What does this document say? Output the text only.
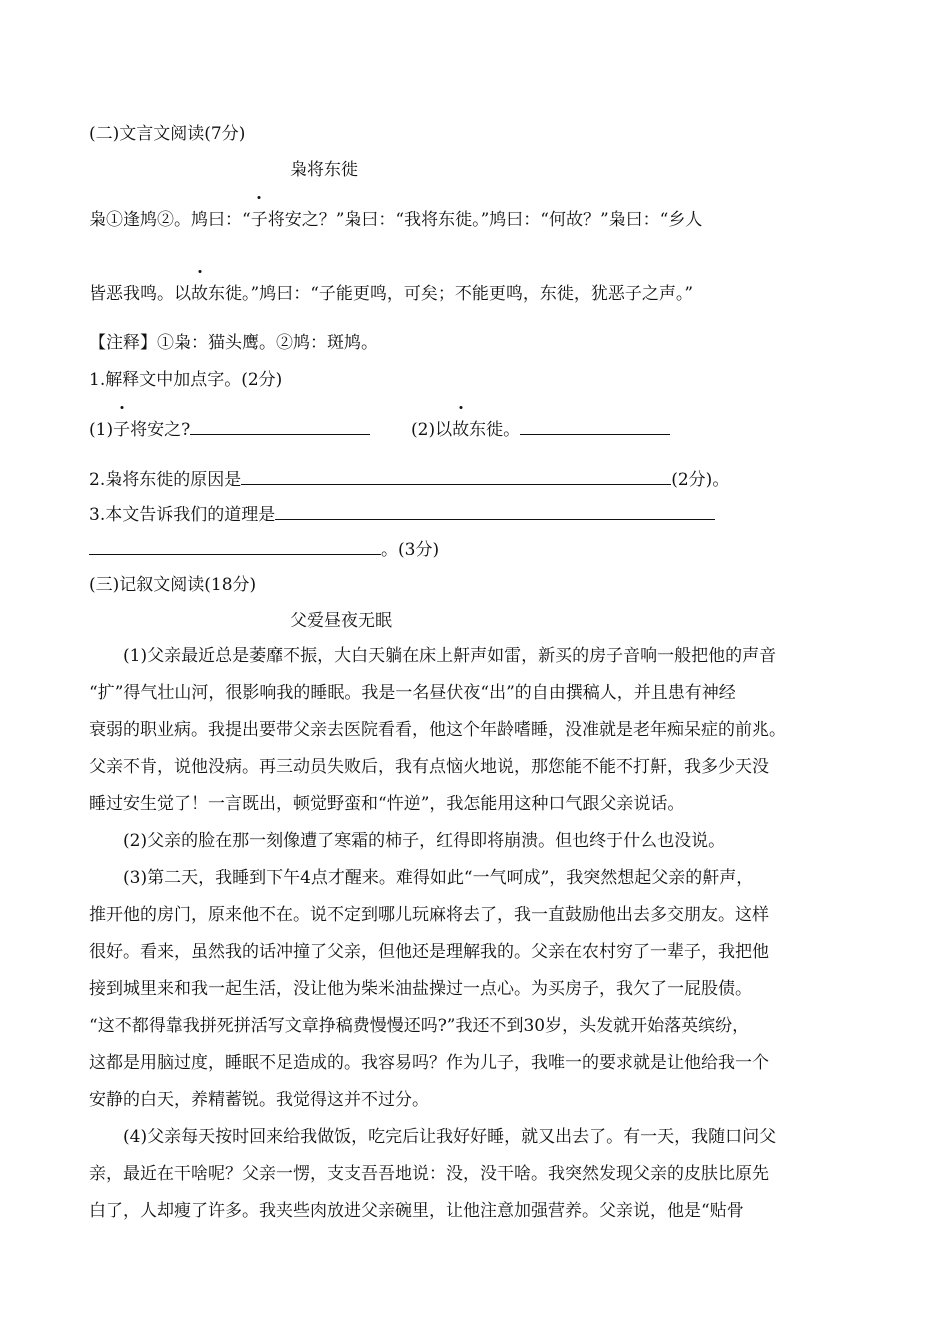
(二)文言文阅读(7分)
枭将东徙
枭①逢鸠②。鸠曰：“子将安之？”枭曰：“我将东徙。”鸠曰：“何故？”枭曰：“乡人
皆恶我鸣。以故东徙。”鸠曰：“子能更鸣，可矣；不能更鸣，东徙，犹恶子之声。”
【注释】①枭：猫头鹰。②鸠：斑鸠。
1.解释文中加点字。(2分)
(1)子将安之?	(2)以故东徙。
2.枭将东徙的原因是	(2分)。
3.本文告诉我们的道理是
。(3分)
(三)记叙文阅读(18分)
父爱昼夜无眠
(1)父亲最近总是萎靡不振，大白天躺在床上鼾声如雷，新买的房子音响一般把他的声音
“扩”得气壮山河，很影响我的睡眠。我是一名昼伏夜“出”的自由撰稿人，并且患有神经
衰弱的职业病。我提出要带父亲去医院看看，他这个年龄嗜睡，没准就是老年痴呆症的前兆。
父亲不肯，说他没病。再三动员失败后，我有点恼火地说，那您能不能不打鼾，我多少天没
睡过安生觉了！一言既出，顿觉野蛮和“忤逆”，我怎能用这种口气跟父亲说话。
(2)父亲的脸在那一刻像遭了寒霜的柿子，红得即将崩溃。但也终于什么也没说。
(3)第二天，我睡到下午4点才醒来。难得如此“一气呵成”，我突然想起父亲的鼾声，
推开他的房门，原来他不在。说不定到哪儿玩麻将去了，我一直鼓励他出去多交朋友。这样
很好。看来，虽然我的话冲撞了父亲，但他还是理解我的。父亲在农村穷了一辈子，我把他
接到城里来和我一起生活，没让他为柴米油盐操过一点心。为买房子，我欠了一屁股债。
“这不都得靠我拼死拼活写文章挣稿费慢慢还吗?”我还不到30岁，头发就开始落英缤纷，
这都是用脑过度，睡眠不足造成的。我容易吗？作为儿子，我唯一的要求就是让他给我一个
安静的白天，养精蓄锐。我觉得这并不过分。
(4)父亲每天按时回来给我做饭，吃完后让我好好睡，就又出去了。有一天，我随口问父
亲，最近在干啥呢？父亲一愣，支支吾吾地说：没，没干啥。我突然发现父亲的皮肤比原先
白了，人却瘦了许多。我夹些肉放进父亲碗里，让他注意加强营养。父亲说，他是“贴骨
